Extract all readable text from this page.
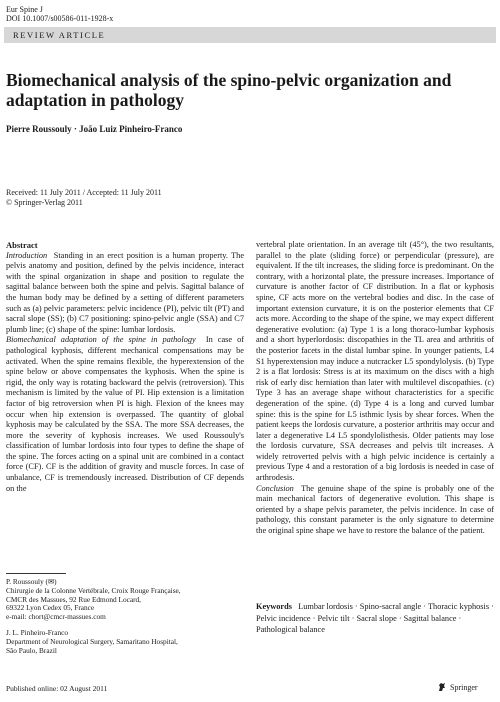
Eur Spine J
DOI 10.1007/s00586-011-1928-x
REVIEW ARTICLE
Biomechanical analysis of the spino-pelvic organization and adaptation in pathology
Pierre Roussouly · João Luiz Pinheiro-Franco
Received: 11 July 2011 / Accepted: 11 July 2011
© Springer-Verlag 2011

Abstract

Introduction Standing in an erect position is a human property. The pelvis anatomy and position, defined by the pelvis incidence, interact with the spinal organization in shape and position to regulate the sagittal balance between both the spine and pelvis. Sagittal balance of the human body may be defined by a setting of different parameters such as (a) pelvic parameters: pelvic incidence (PI), pelvic tilt (PT) and sacral slope (SS); (b) C7 positioning: spino-pelvic angle (SSA) and C7 plumb line; (c) shape of the spine: lumbar lordosis.

Biomechanical adaptation of the spine in pathology In case of pathological kyphosis, different mechanical compensations may be activated. When the spine remains flexible, the hyperextension of the spine below or above compensates the kyphosis. When the spine is rigid, the only way is rotating backward the pelvis (retroversion). This mechanism is limited by the value of PI. Hip extension is a limitation factor of big retroversion when PI is high. Flexion of the knees may occur when hip extension is overpassed. The quantity of global kyphosis may be calculated by the SSA. The more SSA decreases, the more the severity of kyphosis increases. We used Roussouly's classification of lumbar lordosis into four types to define the shape of the spine. The forces acting on a spinal unit are combined in a contact force (CF). CF is the addition of gravity and muscle forces. In case of unbalance, CF is tremendously increased. Distribution of CF depends on the

P. Roussouly (✉)
Chirurgie de la Colonne Vertébrale, Croix Rouge Française,
CMCR des Massues, 92 Rue Edmond Locard,
69322 Lyon Cedex 05, France
e-mail: chort@cmcr-massues.com
J. L. Pinheiro-Franco
Department of Neurological Surgery, Samaritano Hospital,
São Paulo, Brazil

vertebral plate orientation. In an average tilt (45°), the two resultants, parallel to the plate (sliding force) or perpendicular (pressure), are equivalent. If the tilt increases, the sliding force is predominant. On the contrary, with a horizontal plate, the pressure increases. Importance of curvature is another factor of CF distribution. In a flat or kyphosis spine, CF acts more on the vertebral bodies and disc. In the case of important extension curvature, it is on the posterior elements that CF acts more. According to the shape of the spine, we may expect different degenerative evolution: (a) Type 1 is a long thoraco-lumbar kyphosis and a short hyperlordosis: discopathies in the TL area and arthritis of the posterior facets in the distal lumbar spine. In younger patients, L4 S1 hyperextension may induce a nutcracker L5 spondylolysis. (b) Type 2 is a flat lordosis: Stress is at its maximum on the discs with a high risk of early disc herniation than later with multilevel discopathies. (c) Type 3 has an average shape without characteristics for a specific degeneration of the spine. (d) Type 4 is a long and curved lumbar spine: this is the spine for L5 isthmic lysis by shear forces. When the patient keeps the lordosis curvature, a posterior arthritis may occur and later a degenerative L4 L5 spondylolisthesis. Older patients may lose the lordosis curvature, SSA decreases and pelvis tilt increases. A widely retroverted pelvis with a high pelvic incidence is certainly a previous Type 4 and a restoration of a big lordosis is needed in case of arthrodesis.

Conclusion The genuine shape of the spine is probably one of the main mechanical factors of degenerative evolution. This shape is oriented by a shape pelvis parameter, the pelvis incidence. In case of pathology, this constant parameter is the only signature to determine the original spine shape we have to restore the balance of the patient.

Keywords Lumbar lordosis · Spino-sacral angle · Thoracic kyphosis · Pelvic incidence · Pelvic tilt · Sacral slope · Sagittal balance · Pathological balance
Published online: 02 August 2011	Springer
